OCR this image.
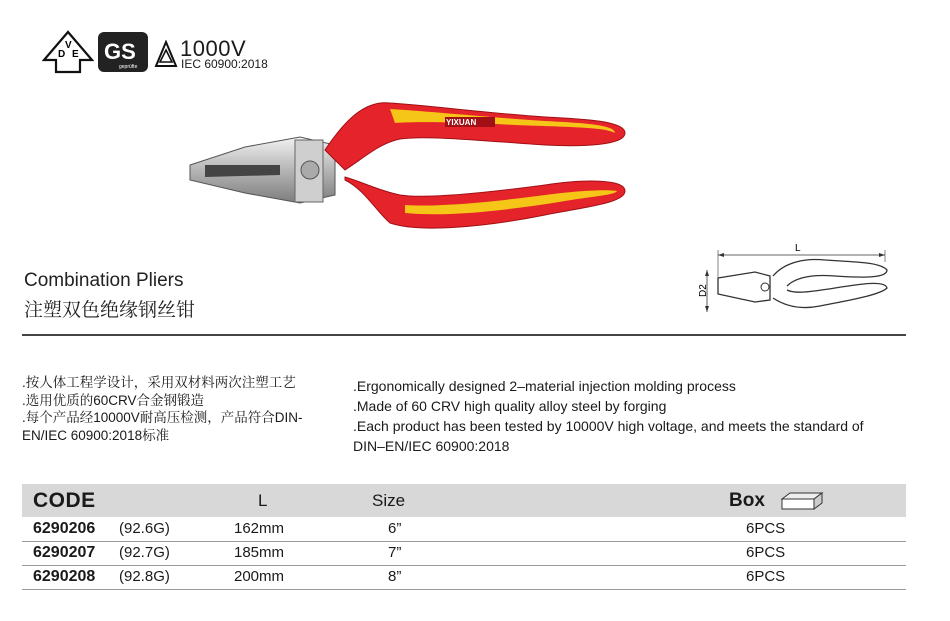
D
V
E GS
geprüfte
1000V
IEC 60900:2018
YIXUAN
L
D2
Combination Pliers
注塑双色绝缘钢丝钳
.按人体工程学设计，采用双材料两次注塑工艺
.选用优质的60CRV合金钢锻造
.每个产品经10000V耐高压检测，产品符合DIN-
EN/IEC 60900:2018标准
.Ergonomically designed 2–material injection molding process
.Made of 60 CRV high quality alloy steel by forging
.Each product has been tested by 10000V high voltage, and meets the standard of
DIN–EN/IEC 60900:2018
CODE	L	Size	Box
6290206 (92.6G)	162mm	6”	6PCS
6290207 (92.7G)	185mm	7”	6PCS
6290208 (92.8G)	200mm	8”	6PCS
